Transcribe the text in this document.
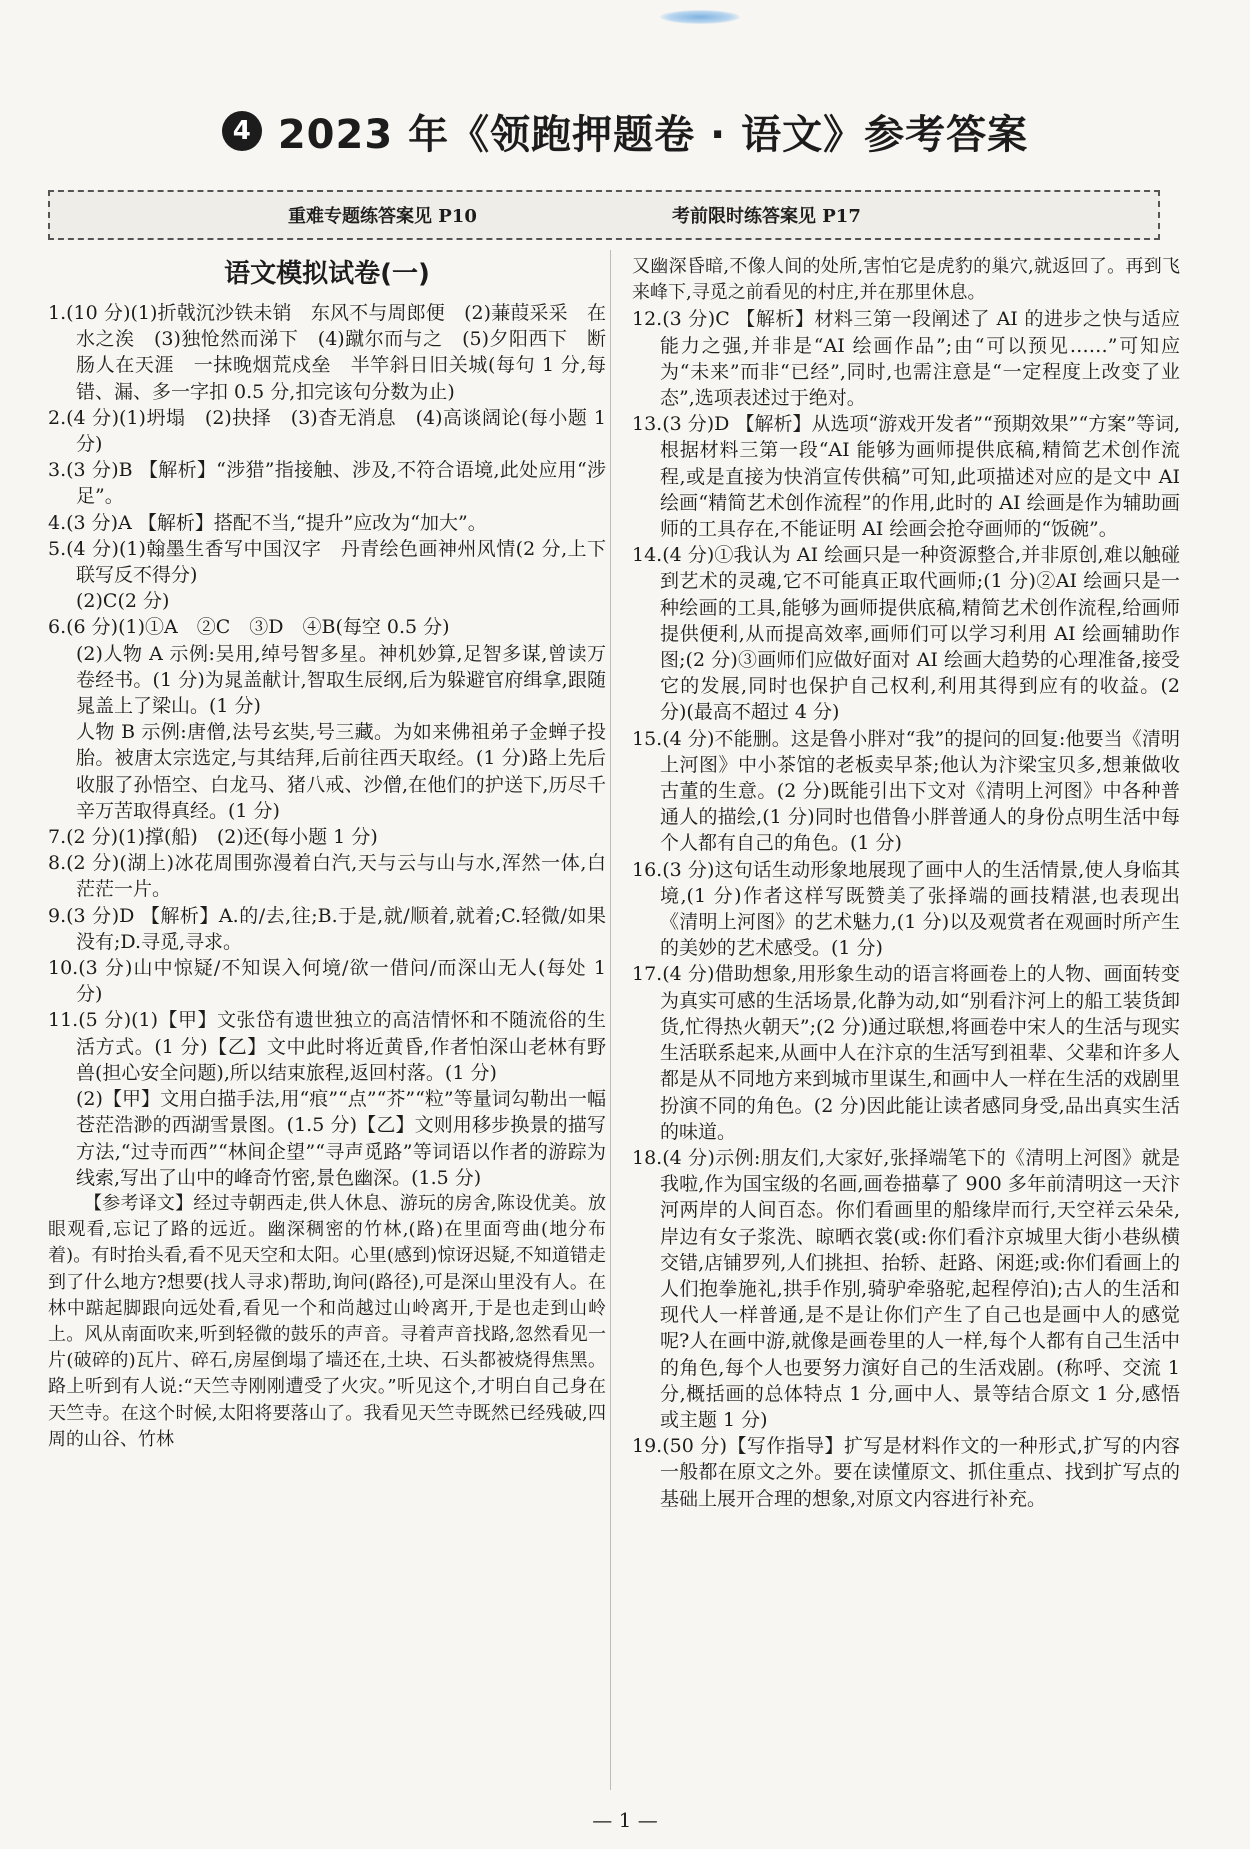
4 2023 年《领跑押题卷 · 语文》参考答案
重难专题练答案见 P10	考前限时练答案见 P17
语文模拟试卷(一)

1.(10 分)(1)折戟沉沙铁未销　东风不与周郎便　(2)蒹葭采采　在水之涘　(3)独怆然而涕下　(4)蹴尔而与之　(5)夕阳西下　断肠人在天涯　一抹晚烟荒戍垒　半竿斜日旧关城(每句 1 分,每错、漏、多一字扣 0.5 分,扣完该句分数为止)

2.(4 分)(1)坍塌　(2)抉择　(3)杳无消息　(4)高谈阔论(每小题 1 分)

3.(3 分)B 【解析】“涉猎”指接触、涉及,不符合语境,此处应用“涉足”。

4.(3 分)A 【解析】搭配不当,“提升”应改为“加大”。

5.(4 分)(1)翰墨生香写中国汉字　丹青绘色画神州风情(2 分,上下联写反不得分)

(2)C(2 分)

6.(6 分)(1)①A　②C　③D　④B(每空 0.5 分)

(2)人物 A 示例:吴用,绰号智多星。神机妙算,足智多谋,曾读万卷经书。(1 分)为晁盖献计,智取生辰纲,后为躲避官府缉拿,跟随晁盖上了梁山。(1 分)

人物 B 示例:唐僧,法号玄奘,号三藏。为如来佛祖弟子金蝉子投胎。被唐太宗选定,与其结拜,后前往西天取经。(1 分)路上先后收服了孙悟空、白龙马、猪八戒、沙僧,在他们的护送下,历尽千辛万苦取得真经。(1 分)

7.(2 分)(1)撑(船)　(2)还(每小题 1 分)

8.(2 分)(湖上)冰花周围弥漫着白汽,天与云与山与水,浑然一体,白茫茫一片。

9.(3 分)D 【解析】A.的/去,往;B.于是,就/顺着,就着;C.轻微/如果没有;D.寻觅,寻求。

10.(3 分)山中惊疑/不知误入何境/欲一借问/而深山无人(每处 1 分)

11.(5 分)(1)【甲】文张岱有遗世独立的高洁情怀和不随流俗的生活方式。(1 分)【乙】文中此时将近黄昏,作者怕深山老林有野兽(担心安全问题),所以结束旅程,返回村落。(1 分)

(2)【甲】文用白描手法,用“痕”“点”“芥”“粒”等量词勾勒出一幅苍茫浩渺的西湖雪景图。(1.5 分)【乙】文则用移步换景的描写方法,“过寺而西”“林间企望”“寻声觅路”等词语以作者的游踪为线索,写出了山中的峰奇竹密,景色幽深。(1.5 分)

【参考译文】经过寺朝西走,供人休息、游玩的房舍,陈设优美。放眼观看,忘记了路的远近。幽深稠密的竹林,(路)在里面弯曲(地分布着)。有时抬头看,看不见天空和太阳。心里(感到)惊讶迟疑,不知道错走到了什么地方?想要(找人寻求)帮助,询问(路径),可是深山里没有人。在林中踮起脚跟向远处看,看见一个和尚越过山岭离开,于是也走到山岭上。风从南面吹来,听到轻微的鼓乐的声音。寻着声音找路,忽然看见一片(破碎的)瓦片、碎石,房屋倒塌了墙还在,土块、石头都被烧得焦黑。路上听到有人说:“天竺寺刚刚遭受了火灾。”听见这个,才明白自己身在天竺寺。在这个时候,太阳将要落山了。我看见天竺寺既然已经残破,四周的山谷、竹林

又幽深昏暗,不像人间的处所,害怕它是虎豹的巢穴,就返回了。再到飞来峰下,寻觅之前看见的村庄,并在那里休息。

12.(3 分)C 【解析】材料三第一段阐述了 AI 的进步之快与适应能力之强,并非是“AI 绘画作品”;由“可以预见……”可知应为“未来”而非“已经”,同时,也需注意是“一定程度上改变了业态”,选项表述过于绝对。

13.(3 分)D 【解析】从选项“游戏开发者”“预期效果”“方案”等词,根据材料三第一段“AI 能够为画师提供底稿,精简艺术创作流程,或是直接为快消宣传供稿”可知,此项描述对应的是文中 AI 绘画“精简艺术创作流程”的作用,此时的 AI 绘画是作为辅助画师的工具存在,不能证明 AI 绘画会抢夺画师的“饭碗”。

14.(4 分)①我认为 AI 绘画只是一种资源整合,并非原创,难以触碰到艺术的灵魂,它不可能真正取代画师;(1 分)②AI 绘画只是一种绘画的工具,能够为画师提供底稿,精简艺术创作流程,给画师提供便利,从而提高效率,画师们可以学习利用 AI 绘画辅助作图;(2 分)③画师们应做好面对 AI 绘画大趋势的心理准备,接受它的发展,同时也保护自己权利,利用其得到应有的收益。(2 分)(最高不超过 4 分)

15.(4 分)不能删。这是鲁小胖对“我”的提问的回复:他要当《清明上河图》中小茶馆的老板卖早茶;他认为汴梁宝贝多,想兼做收古董的生意。(2 分)既能引出下文对《清明上河图》中各种普通人的描绘,(1 分)同时也借鲁小胖普通人的身份点明生活中每个人都有自己的角色。(1 分)

16.(3 分)这句话生动形象地展现了画中人的生活情景,使人身临其境,(1 分)作者这样写既赞美了张择端的画技精湛,也表现出《清明上河图》的艺术魅力,(1 分)以及观赏者在观画时所产生的美妙的艺术感受。(1 分)

17.(4 分)借助想象,用形象生动的语言将画卷上的人物、画面转变为真实可感的生活场景,化静为动,如“别看汴河上的船工装货卸货,忙得热火朝天”;(2 分)通过联想,将画卷中宋人的生活与现实生活联系起来,从画中人在汴京的生活写到祖辈、父辈和许多人都是从不同地方来到城市里谋生,和画中人一样在生活的戏剧里扮演不同的角色。(2 分)因此能让读者感同身受,品出真实生活的味道。

18.(4 分)示例:朋友们,大家好,张择端笔下的《清明上河图》就是我啦,作为国宝级的名画,画卷描摹了 900 多年前清明这一天汴河两岸的人间百态。你们看画里的船缘岸而行,天空祥云朵朵,岸边有女子浆洗、晾晒衣裳(或:你们看汴京城里大街小巷纵横交错,店铺罗列,人们挑担、抬轿、赶路、闲逛;或:你们看画上的人们抱拳施礼,拱手作别,骑驴牵骆驼,起程停泊);古人的生活和现代人一样普通,是不是让你们产生了自己也是画中人的感觉呢?人在画中游,就像是画卷里的人一样,每个人都有自己生活中的角色,每个人也要努力演好自己的生活戏剧。(称呼、交流 1 分,概括画的总体特点 1 分,画中人、景等结合原文 1 分,感悟或主题 1 分)

19.(50 分)【写作指导】扩写是材料作文的一种形式,扩写的内容一般都在原文之外。要在读懂原文、抓住重点、找到扩写点的基础上展开合理的想象,对原文内容进行补充。

— 1 —
